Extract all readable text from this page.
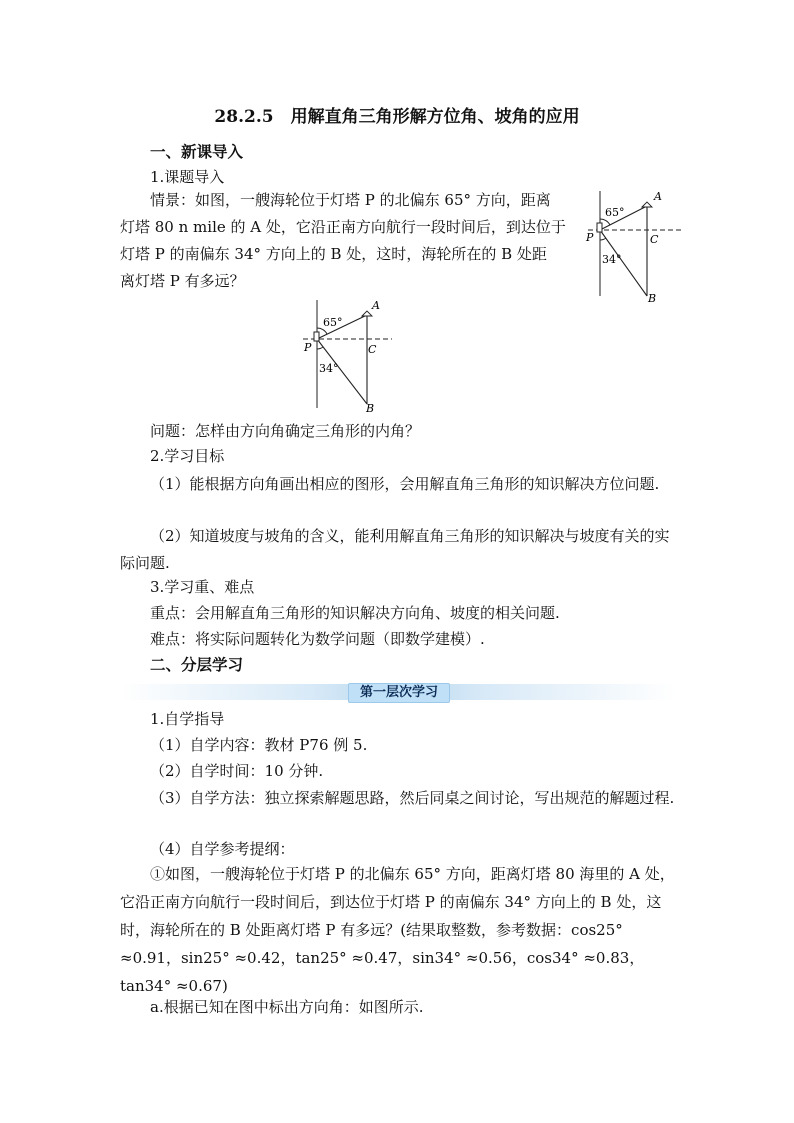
28.2.5　用解直角三角形解方位角、坡角的应用
一、新课导入
1.课题导入
情景：如图，一艘海轮位于灯塔 P 的北偏东 65° 方向，距离
灯塔 80 n mile 的 A 处，它沿正南方向航行一段时间后，到达位于
灯塔 P 的南偏东 34° 方向上的 B 处，这时，海轮所在的 B 处距
离灯塔 P 有多远？
65°
34°
A
P	C
B
65°
34°
A
P	C
B
问题：怎样由方向角确定三角形的内角？
2.学习目标
（1）能根据方向角画出相应的图形，会用解直角三角形的知识解决方位问题.
（2）知道坡度与坡角的含义，能利用解直角三角形的知识解决与坡度有关的实际问题.
3.学习重、难点
重点：会用解直角三角形的知识解决方向角、坡度的相关问题.
难点：将实际问题转化为数学问题（即数学建模）.
二、分层学习
第一层次学习
1.自学指导
（1）自学内容：教材 P76 例 5.
（2）自学时间：10 分钟.
（3）自学方法：独立探索解题思路，然后同桌之间讨论，写出规范的解题过程.
（4）自学参考提纲：
①如图，一艘海轮位于灯塔 P 的北偏东 65° 方向，距离灯塔 80 海里的 A 处，它沿正南方向航行一段时间后，到达位于灯塔 P 的南偏东 34° 方向上的 B 处，这时，海轮所在的 B 处距离灯塔 P 有多远？(结果取整数，参考数据：cos25° ≈0.91，sin25° ≈0.42，tan25° ≈0.47，sin34° ≈0.56，cos34° ≈0.83，tan34° ≈0.67)
a.根据已知在图中标出方向角：如图所示.
